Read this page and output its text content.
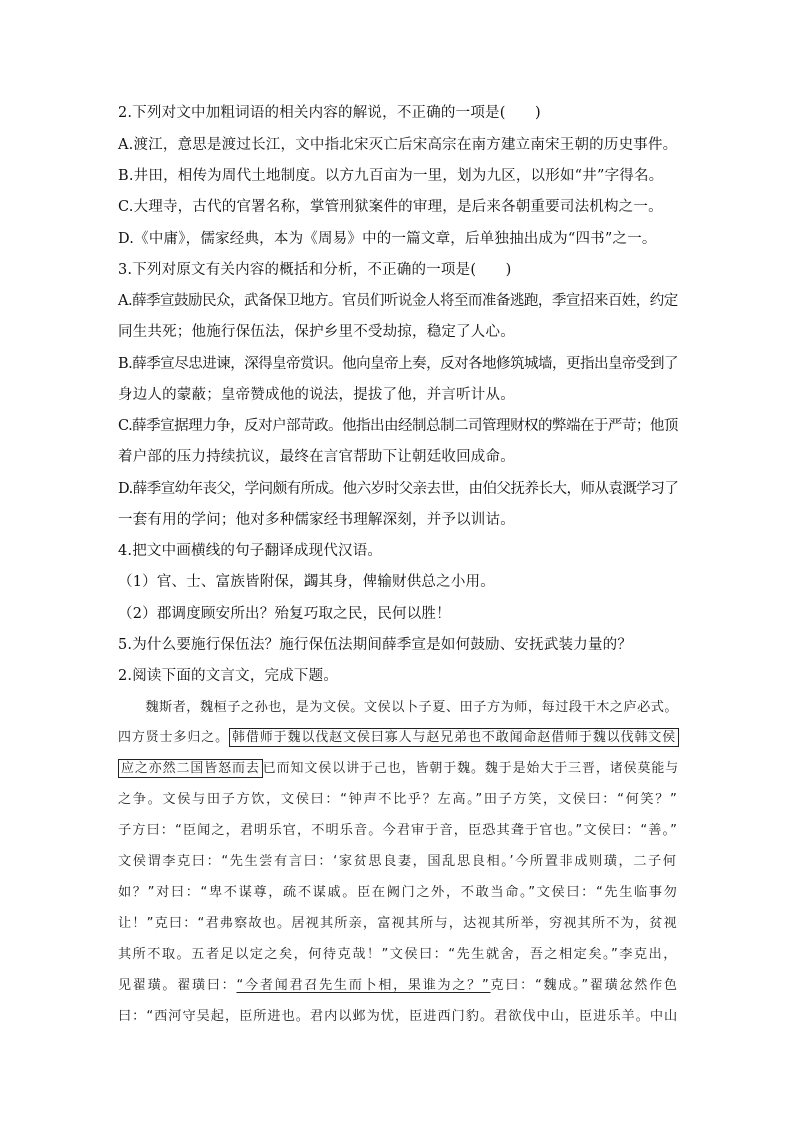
2.下列对文中加粗词语的相关内容的解说，不正确的一项是(　　)
A.渡江，意思是渡过长江，文中指北宋灭亡后宋高宗在南方建立南宋王朝的历史事件。
B.井田，相传为周代土地制度。以方九百亩为一里，划为九区，以形如“井”字得名。
C.大理寺，古代的官署名称，掌管刑狱案件的审理，是后来各朝重要司法机构之一。
D.《中庸》，儒家经典，本为《周易》中的一篇文章，后单独抽出成为“四书”之一。
3.下列对原文有关内容的概括和分析，不正确的一项是(　　)
A.薛季宣鼓励民众，武备保卫地方。官员们听说金人将至而准备逃跑，季宣招来百姓，约定
同生共死；他施行保伍法，保护乡里不受劫掠，稳定了人心。
B.薛季宣尽忠进谏，深得皇帝赏识。他向皇帝上奏，反对各地修筑城墙，更指出皇帝受到了
身边人的蒙蔽；皇帝赞成他的说法，提拔了他，并言听计从。
C.薛季宣据理力争，反对户部苛政。他指出由经制总制二司管理财权的弊端在于严苛；他顶
着户部的压力持续抗议，最终在言官帮助下让朝廷收回成命。
D.薛季宣幼年丧父，学问颇有所成。他六岁时父亲去世，由伯父抚养长大，师从袁溉学习了
一套有用的学问；他对多种儒家经书理解深刻，并予以训诂。
4.把文中画横线的句子翻译成现代汉语。
（1）官、士、富族皆附保，蠲其身，俾输财供总之小用。
（2）郡调度顾安所出？殆复巧取之民，民何以胜！
5.为什么要施行保伍法？施行保伍法期间薛季宣是如何鼓励、安抚武装力量的？
2.阅读下面的文言文，完成下题。
　　魏斯者，魏桓子之孙也，是为文侯。文侯以卜子夏、田子方为师，每过段干木之庐必式。
四方贤士多归之。 韩借师于魏以伐赵文侯曰寡人与赵兄弟也不敢闻命赵借师于魏以伐韩文侯
应之亦然二国皆怒而去 已而知文侯以讲于己也，皆朝于魏。魏于是始大于三晋，诸侯莫能与
之争。文侯与田子方饮，文侯曰：“钟声不比乎？左高。”田子方笑，文侯曰：“何笑？”
子方曰：“臣闻之，君明乐官，不明乐音。今君审于音，臣恐其聋于官也。”文侯曰：“善。”
文侯谓李克曰：“先生尝有言曰：‘家贫思良妻，国乱思良相。’今所置非成则璜，二子何
如？”对曰：“卑不谋尊，疏不谋戚。臣在阙门之外，不敢当命。”文侯曰：“先生临事勿
让！”克曰：“君弗察故也。居视其所亲，富视其所与，达视其所举，穷视其所不为，贫视
其所不取。五者足以定之矣，何待克哉！”文侯曰：“先生就舍，吾之相定矣。”李克出，
见翟璜。翟璜曰：“今者闻君召先生而卜相，果谁为之？”克曰：“魏成。”翟璜忿然作色
曰：“西河守吴起，臣所进也。君内以邺为忧，臣进西门豹。君欲伐中山，臣进乐羊。中山
